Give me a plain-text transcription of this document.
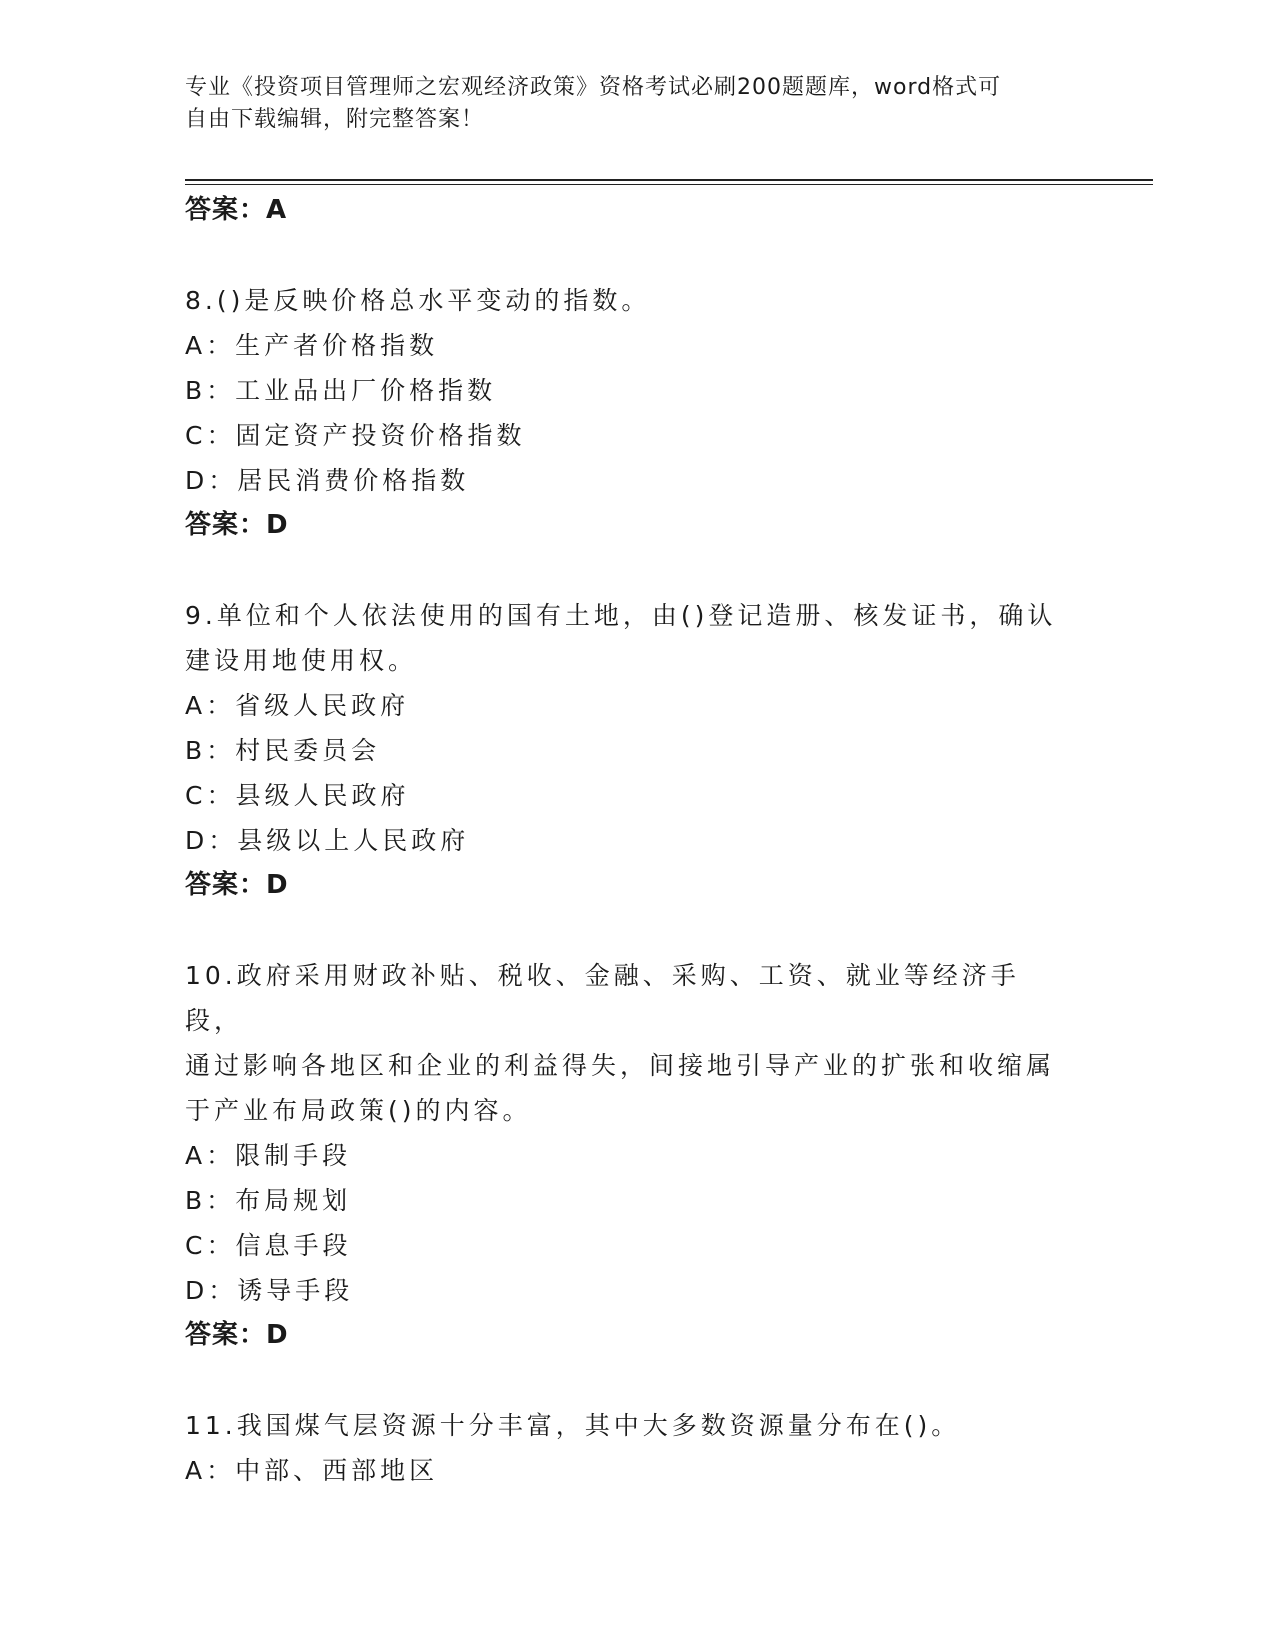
专业《投资项目管理师之宏观经济政策》资格考试必刷200题题库，word格式可
自由下载编辑，附完整答案！
答案：A
8.()是反映价格总水平变动的指数。
A：生产者价格指数
B：工业品出厂价格指数
C：固定资产投资价格指数
D：居民消费价格指数
答案：D
9.单位和个人依法使用的国有土地，由()登记造册、核发证书，确认
建设用地使用权。
A：省级人民政府
B：村民委员会
C：县级人民政府
D：县级以上人民政府
答案：D
10.政府采用财政补贴、税收、金融、采购、工资、就业等经济手段，
通过影响各地区和企业的利益得失，间接地引导产业的扩张和收缩属
于产业布局政策()的内容。
A：限制手段
B：布局规划
C：信息手段
D：诱导手段
答案：D
11.我国煤气层资源十分丰富，其中大多数资源量分布在()。
A：中部、西部地区
